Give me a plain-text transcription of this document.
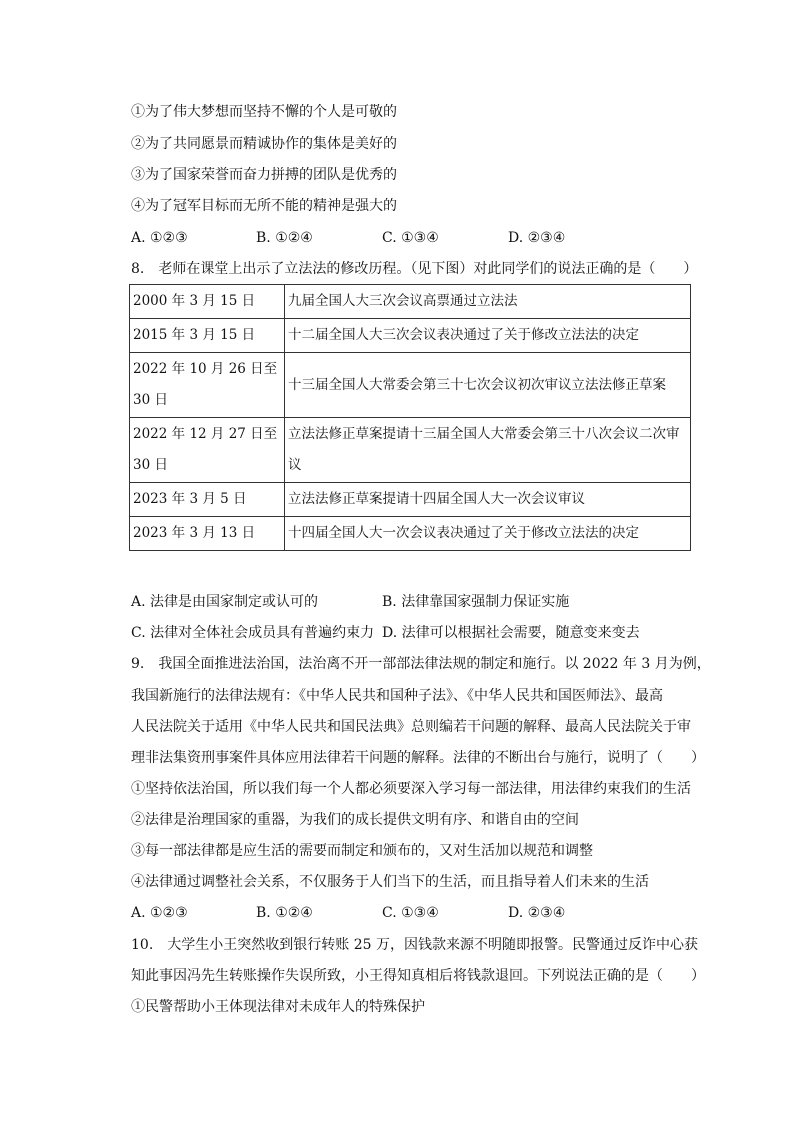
①为了伟大梦想而坚持不懈的个人是可敬的
②为了共同愿景而精诚协作的集体是美好的
③为了国家荣誉而奋力拼搏的团队是优秀的
④为了冠军目标而无所不能的精神是强大的
A. ①②③	B. ①②④	C. ①③④	D. ②③④
8.　老师在课堂上出示了立法法的修改历程。（见下图）对此同学们的说法正确的是（　　）
2000 年 3 月 15 日	九届全国人大三次会议高票通过立法法
2015 年 3 月 15 日	十二届全国人大三次会议表决通过了关于修改立法法的决定

2022 年 10 月 26 日至 30 日	十三届全国人大常委会第三十七次会议初次审议立法法修正草案

2022 年 12 月 27 日至 30 日	立法法修正草案提请十三届全国人大常委会第三十八次会议二次审议
2023 年 3 月 5 日	立法法修正草案提请十四届全国人大一次会议审议
2023 年 3 月 13 日	十四届全国人大一次会议表决通过了关于修改立法法的决定
A. 法律是由国家制定或认可的	B. 法律靠国家强制力保证实施
C. 法律对全体社会成员具有普遍约束力 D. 法律可以根据社会需要，随意变来变去
9.　我国全面推进法治国，法治离不开一部部法律法规的制定和施行。以 2022 年 3 月为例，
我国新施行的法律法规有：《中华人民共和国种子法》、《中华人民共和国医师法》、最高
人民法院关于适用《中华人民共和国民法典》总则编若干问题的解释、最高人民法院关于审
理非法集资刑事案件具体应用法律若干问题的解释。法律的不断出台与施行，说明了（　　）
①坚持依法治国，所以我们每一个人都必须要深入学习每一部法律，用法律约束我们的生活
②法律是治理国家的重器，为我们的成长提供文明有序、和谐自由的空间
③每一部法律都是应生活的需要而制定和颁布的，又对生活加以规范和调整
④法律通过调整社会关系，不仅服务于人们当下的生活，而且指导着人们未来的生活
A. ①②③	B. ①②④	C. ①③④	D. ②③④
10.　大学生小王突然收到银行转账 25 万，因钱款来源不明随即报警。民警通过反诈中心获
知此事因冯先生转账操作失误所致，小王得知真相后将钱款退回。下列说法正确的是（　　）
①民警帮助小王体现法律对未成年人的特殊保护
